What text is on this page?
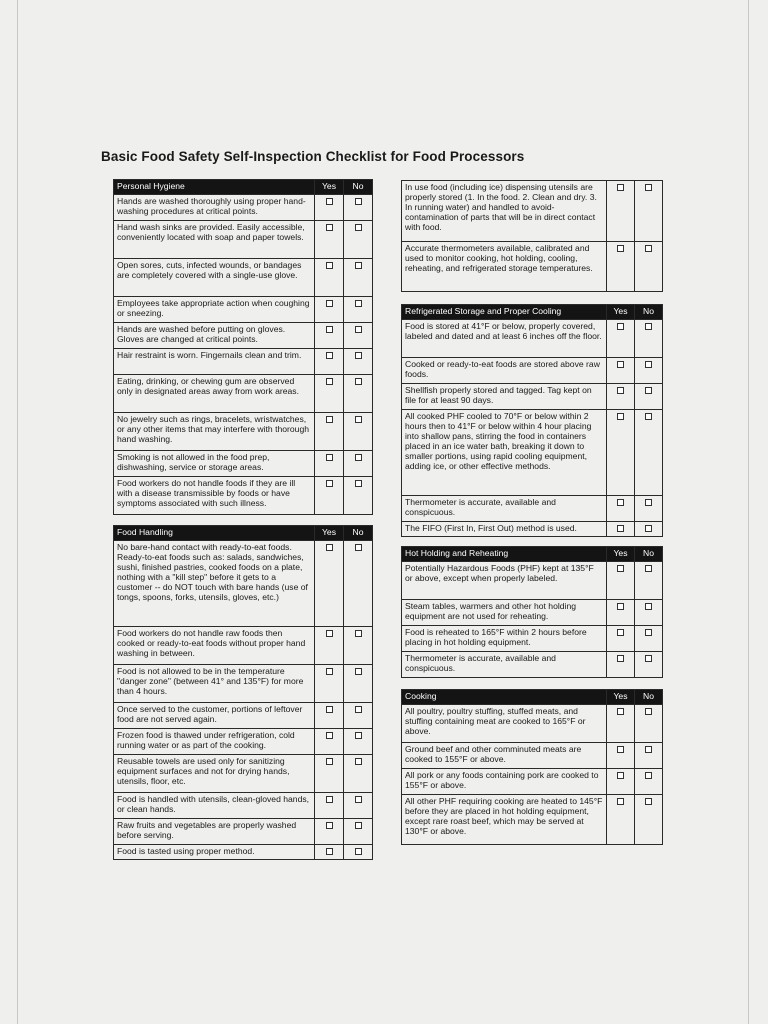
Basic Food Safety Self-Inspection Checklist for Food Processors
Personal Hygiene	Yes	No
Hands are washed thoroughly using proper hand-washing procedures at critical points.		
Hand wash sinks are provided. Easily accessible, conveniently located with soap and paper towels.		
Open sores, cuts, infected wounds, or bandages are completely covered with a single-use glove.		
Employees take appropriate action when coughing or sneezing.		
Hands are washed before putting on gloves. Gloves are changed at critical points.		
Hair restraint is worn. Fingernails clean and trim.		
Eating, drinking, or chewing gum are observed only in designated areas away from work areas.		
No jewelry such as rings, bracelets, wristwatches, or any other items that may interfere with thorough hand washing.		
Smoking is not allowed in the food prep, dishwashing, service or storage areas.		
Food workers do not handle foods if they are ill with a disease transmissible by foods or have symptoms associated with such illness.		
Food Handling	Yes	No
No bare-hand contact with ready-to-eat foods. Ready-to-eat foods such as: salads, sandwiches, sushi, finished pastries, cooked foods on a plate, nothing with a "kill step" before it gets to a customer -- do NOT touch with bare hands (use of tongs, spoons, forks, utensils, gloves, etc.)		
Food workers do not handle raw foods then cooked or ready-to-eat foods without proper hand washing in between.		
Food is not allowed to be in the temperature "danger zone" (between 41° and 135°F) for more than 4 hours.		
Once served to the customer, portions of leftover food are not served again.		
Frozen food is thawed under refrigeration, cold running water or as part of the cooking.		
Reusable towels are used only for sanitizing equipment surfaces and not for drying hands, utensils, floor, etc.		
Food is handled with utensils, clean-gloved hands, or clean hands.		
Raw fruits and vegetables are properly washed before serving.		
Food is tasted using proper method.		
In use food (including ice) dispensing utensils are properly stored (1. In the food. 2. Clean and dry. 3. In running water) and handled to avoid- contamination of parts that will be in direct contact with food.		
Accurate thermometers available, calibrated and used to monitor cooking, hot holding, cooling, reheating, and refrigerated storage temperatures.		
Refrigerated Storage and Proper Cooling	Yes	No
Food is stored at 41°F or below, properly covered, labeled and dated and at least 6 inches off the floor.		
Cooked or ready-to-eat foods are stored above raw foods.		
Shellfish properly stored and tagged. Tag kept on file for at least 90 days.		
All cooked PHF cooled to 70°F or below within 2 hours then to 41°F or below within 4 hour placing into shallow pans, stirring the food in containers placed in an ice water bath, breaking it down to smaller portions, using rapid cooling equipment, adding ice, or other effective methods.		
Thermometer is accurate, available and conspicuous.		
The FIFO (First In, First Out) method is used.		
Hot Holding and Reheating	Yes	No
Potentially Hazardous Foods (PHF) kept at 135°F or above, except when properly labeled.		
Steam tables, warmers and other hot holding equipment are not used for reheating.		
Food is reheated to 165°F within 2 hours before placing in hot holding equipment.		
Thermometer is accurate, available and conspicuous.		
Cooking	Yes	No
All poultry, poultry stuffing, stuffed meats, and stuffing containing meat are cooked to 165°F or above.		
Ground beef and other comminuted meats are cooked to 155°F or above.		
All pork or any foods containing pork are cooked to 155°F or above.		
All other PHF requiring cooking are heated to 145°F before they are placed in hot holding equipment, except rare roast beef, which may be served at 130°F or above.		
